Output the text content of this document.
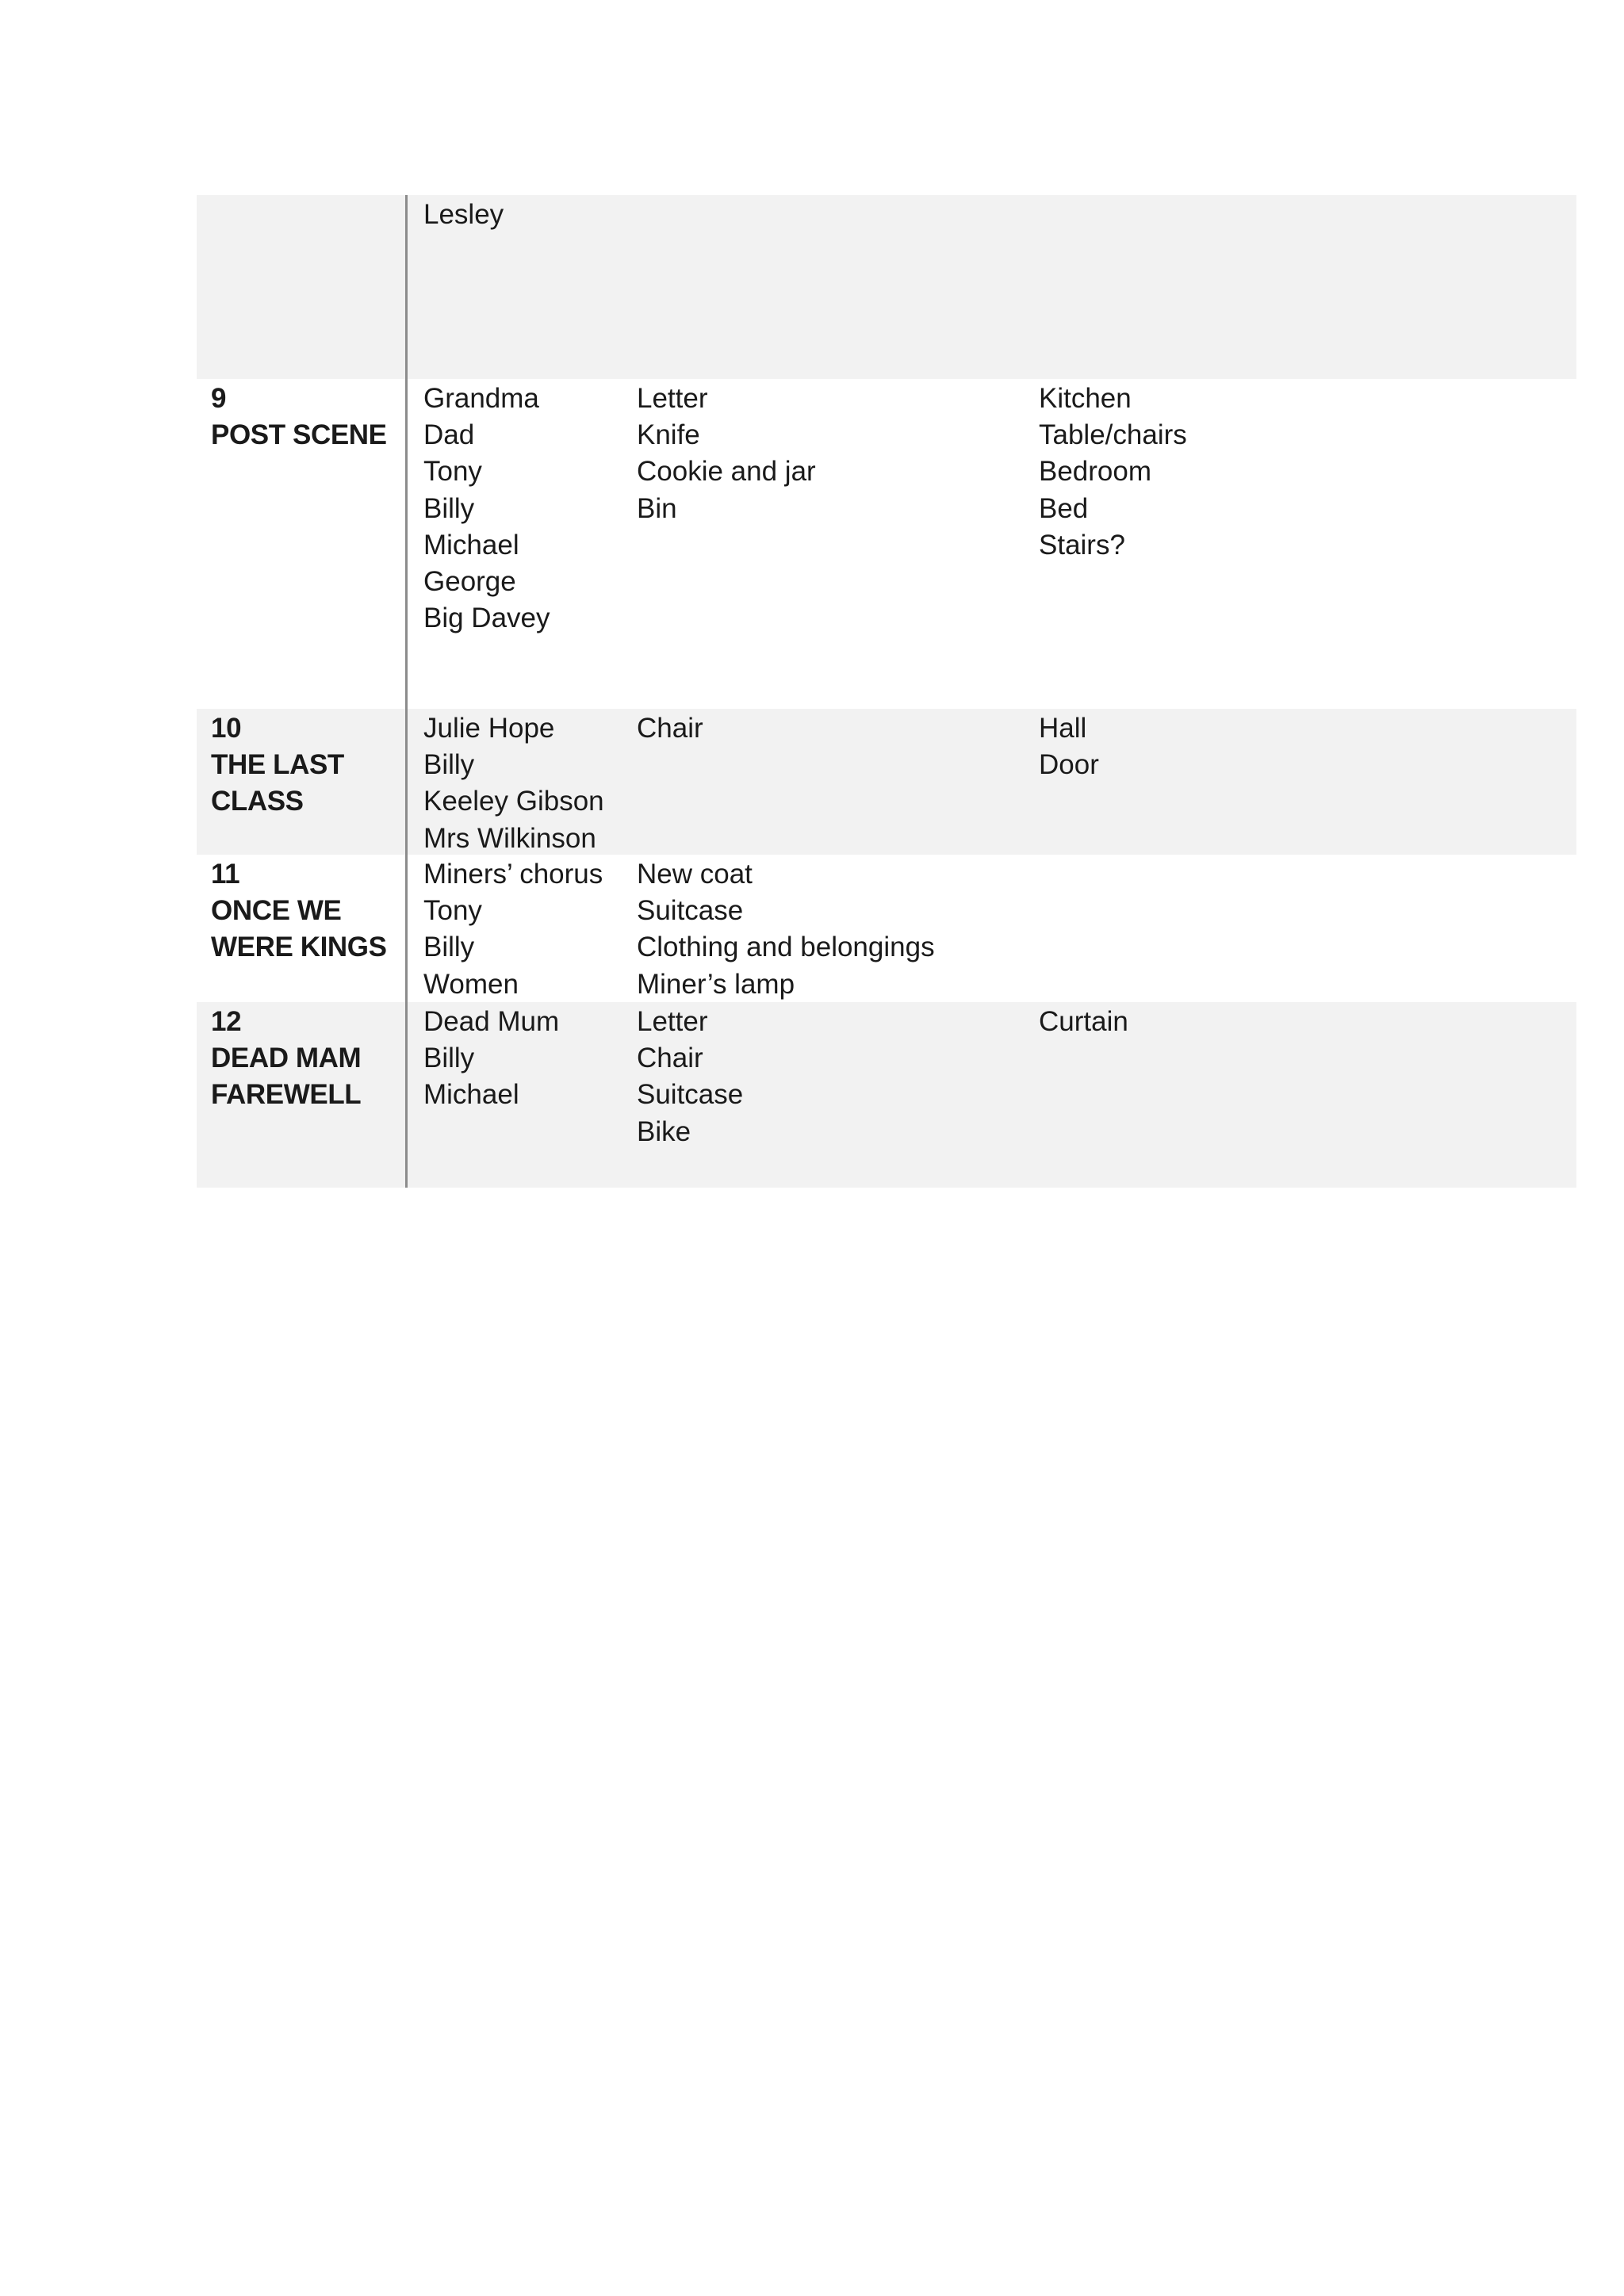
Lesley
9
POST SCENE
Grandma
Dad
Tony
Billy
Michael
George
Big Davey
Letter
Knife
Cookie and jar
Bin
Kitchen
Table/chairs
Bedroom
Bed
Stairs?
10
THE LAST
CLASS
Julie Hope
Billy
Keeley Gibson
Mrs Wilkinson
Chair	Hall
Door
11
ONCE WE
WERE KINGS
Miners’ chorus
Tony
Billy
Women
New coat
Suitcase
Clothing and belongings
Miner’s lamp
12
DEAD MAM
FAREWELL
Dead Mum
Billy
Michael
Letter
Chair
Suitcase
Bike
Curtain
